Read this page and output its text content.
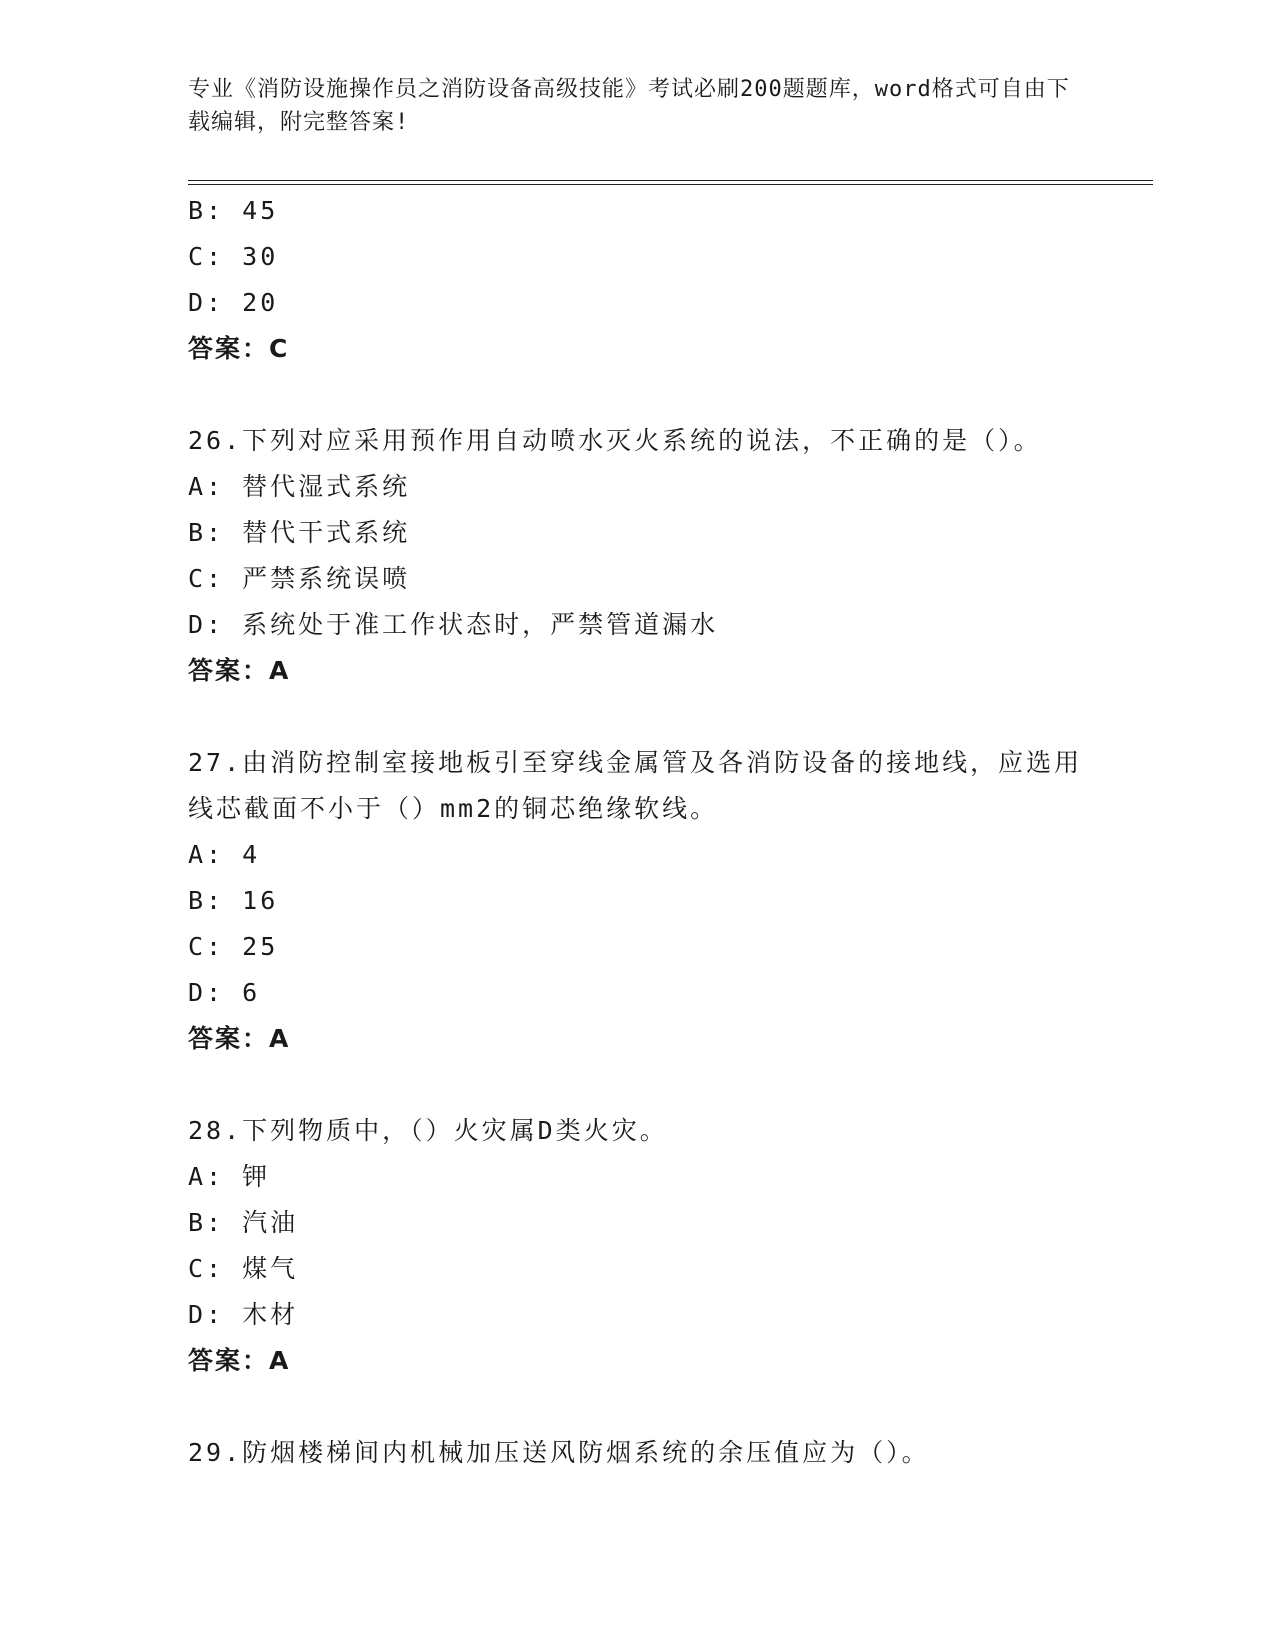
专业《消防设施操作员之消防设备高级技能》考试必刷200题题库，word格式可自由下载编辑，附完整答案!
B: 45
C: 30
D: 20
答案：C
26.下列对应采用预作用自动喷水灭火系统的说法，不正确的是（）。
A: 替代湿式系统
B: 替代干式系统
C: 严禁系统误喷
D: 系统处于准工作状态时，严禁管道漏水
答案：A
27.由消防控制室接地板引至穿线金属管及各消防设备的接地线，应选用线芯截面不小于（）mm2的铜芯绝缘软线。
A: 4
B: 16
C: 25
D: 6
答案：A
28.下列物质中，（）火灾属D类火灾。
A: 钾
B: 汽油
C: 煤气
D: 木材
答案：A
29.防烟楼梯间内机械加压送风防烟系统的余压值应为（）。
